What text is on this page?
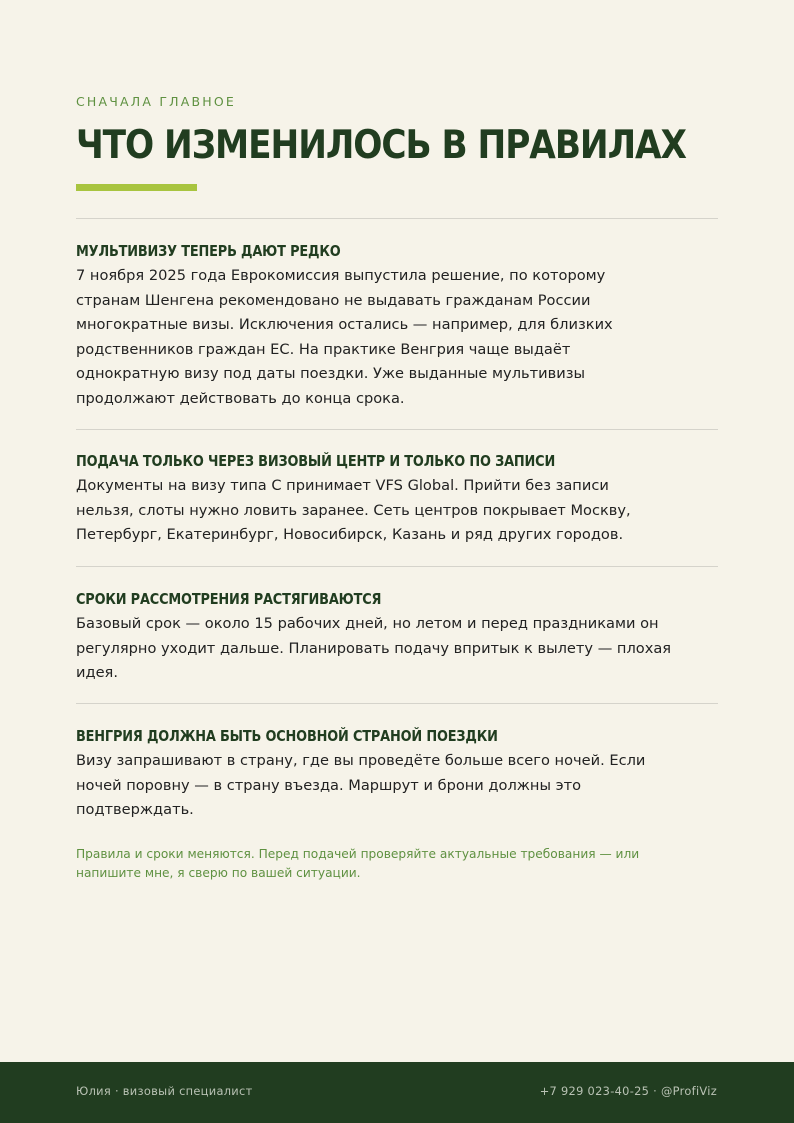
СНАЧАЛА ГЛАВНОЕ
ЧТО ИЗМЕНИЛОСЬ В ПРАВИЛАХ
МУЛЬТИВИЗУ ТЕПЕРЬ ДАЮТ РЕДКО
7 ноября 2025 года Еврокомиссия выпустила решение, по которому
странам Шенгена рекомендовано не выдавать гражданам России
многократные визы. Исключения остались — например, для близких
родственников граждан ЕС. На практике Венгрия чаще выдаёт
однократную визу под даты поездки. Уже выданные мультивизы
продолжают действовать до конца срока.
ПОДАЧА ТОЛЬКО ЧЕРЕЗ ВИЗОВЫЙ ЦЕНТР И ТОЛЬКО ПО ЗАПИСИ
Документы на визу типа С принимает VFS Global. Прийти без записи
нельзя, слоты нужно ловить заранее. Сеть центров покрывает Москву,
Петербург, Екатеринбург, Новосибирск, Казань и ряд других городов.
СРОКИ РАССМОТРЕНИЯ РАСТЯГИВАЮТСЯ
Базовый срок — около 15 рабочих дней, но летом и перед праздниками он
регулярно уходит дальше. Планировать подачу впритык к вылету — плохая
идея.
ВЕНГРИЯ ДОЛЖНА БЫТЬ ОСНОВНОЙ СТРАНОЙ ПОЕЗДКИ
Визу запрашивают в страну, где вы проведёте больше всего ночей. Если
ночей поровну — в страну въезда. Маршрут и брони должны это
подтверждать.
Правила и сроки меняются. Перед подачей проверяйте актуальные требования — или
напишите мне, я сверю по вашей ситуации.
Юлия · визовый специалист	+7 929 023-40-25 · @ProfiViz
